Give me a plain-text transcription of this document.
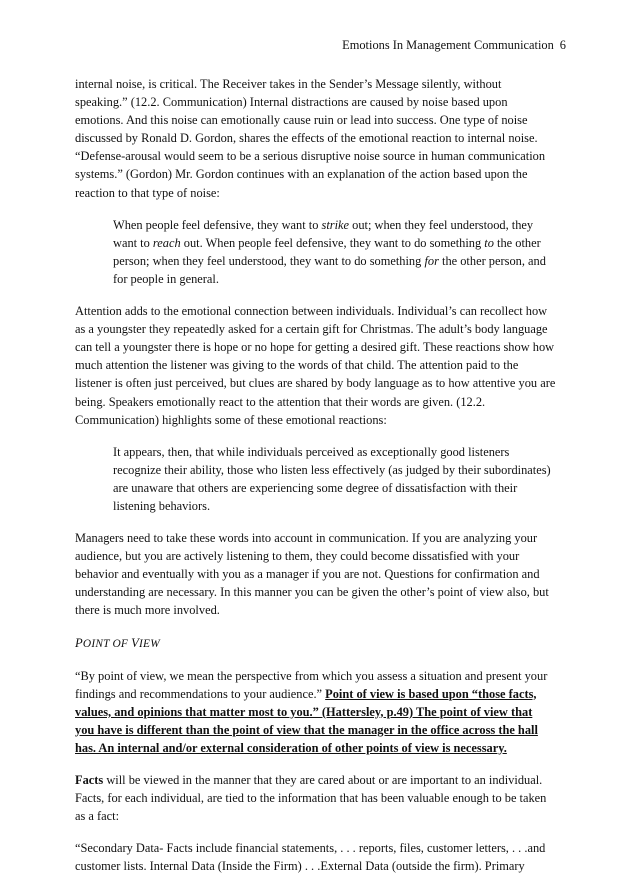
Emotions In Management Communication 6
internal noise, is critical. The Receiver takes in the Sender’s Message silently, without
speaking.” (12.2. Communication) Internal distractions are caused by noise based upon
emotions. And this noise can emotionally cause ruin or lead into success. One type of noise
discussed by Ronald D. Gordon, shares the effects of the emotional reaction to internal noise.
“Defense-arousal would seem to be a serious disruptive noise source in human communication
systems.” (Gordon) Mr. Gordon continues with an explanation of the action based upon the
reaction to that type of noise:
When people feel defensive, they want to strike out; when they feel understood, they
want to reach out. When people feel defensive, they want to do something to the other
person; when they feel understood, they want to do something for the other person, and
for people in general.
Attention adds to the emotional connection between individuals. Individual’s can recollect how
as a youngster they repeatedly asked for a certain gift for Christmas. The adult’s body language
can tell a youngster there is hope or no hope for getting a desired gift. These reactions show how
much attention the listener was giving to the words of that child. The attention paid to the
listener is often just perceived, but clues are shared by body language as to how attentive you are
being. Speakers emotionally react to the attention that their words are given. (12.2.
Communication) highlights some of these emotional reactions:
It appears, then, that while individuals perceived as exceptionally good listeners
recognize their ability, those who listen less effectively (as judged by their subordinates)
are unaware that others are experiencing some degree of dissatisfaction with their
listening behaviors.
Managers need to take these words into account in communication. If you are analyzing your
audience, but you are actively listening to them, they could become dissatisfied with your
behavior and eventually with you as a manager if you are not. Questions for confirmation and
understanding are necessary. In this manner you can be given the other’s point of view also, but
there is much more involved.
POINT OF VIEW
“By point of view, we mean the perspective from which you assess a situation and present your
findings and recommendations to your audience.” Point of view is based upon “those facts,
values, and opinions that matter most to you.” (Hattersley, p.49) The point of view that
you have is different than the point of view that the manager in the office across the hall
has. An internal and/or external consideration of other points of view is necessary.
Facts will be viewed in the manner that they are cared about or are important to an individual.
Facts, for each individual, are tied to the information that has been valuable enough to be taken
as a fact:
“Secondary Data- Facts include financial statements, . . . reports, files, customer letters, . . .and
customer lists. Internal Data (Inside the Firm) . . .External Data (outside the firm). Primary
